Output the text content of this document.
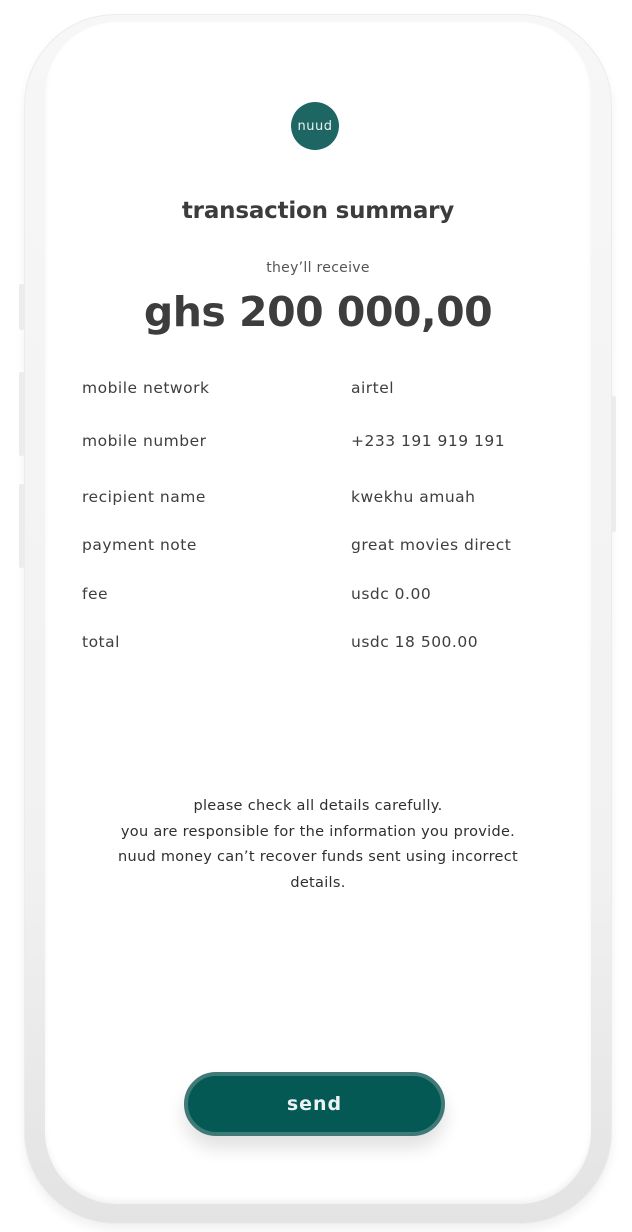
nuud
transaction summary
they’ll receive
ghs 200 000,00
mobile network	airtel
mobile number	+233 191 919 191
recipient name	kwekhu amuah
payment note	great movies direct
fee	usdc 0.00
total	usdc 18 500.00
please check all details carefully.
you are responsible for the information you provide.
nuud money can’t recover funds sent using incorrect
details.
send
